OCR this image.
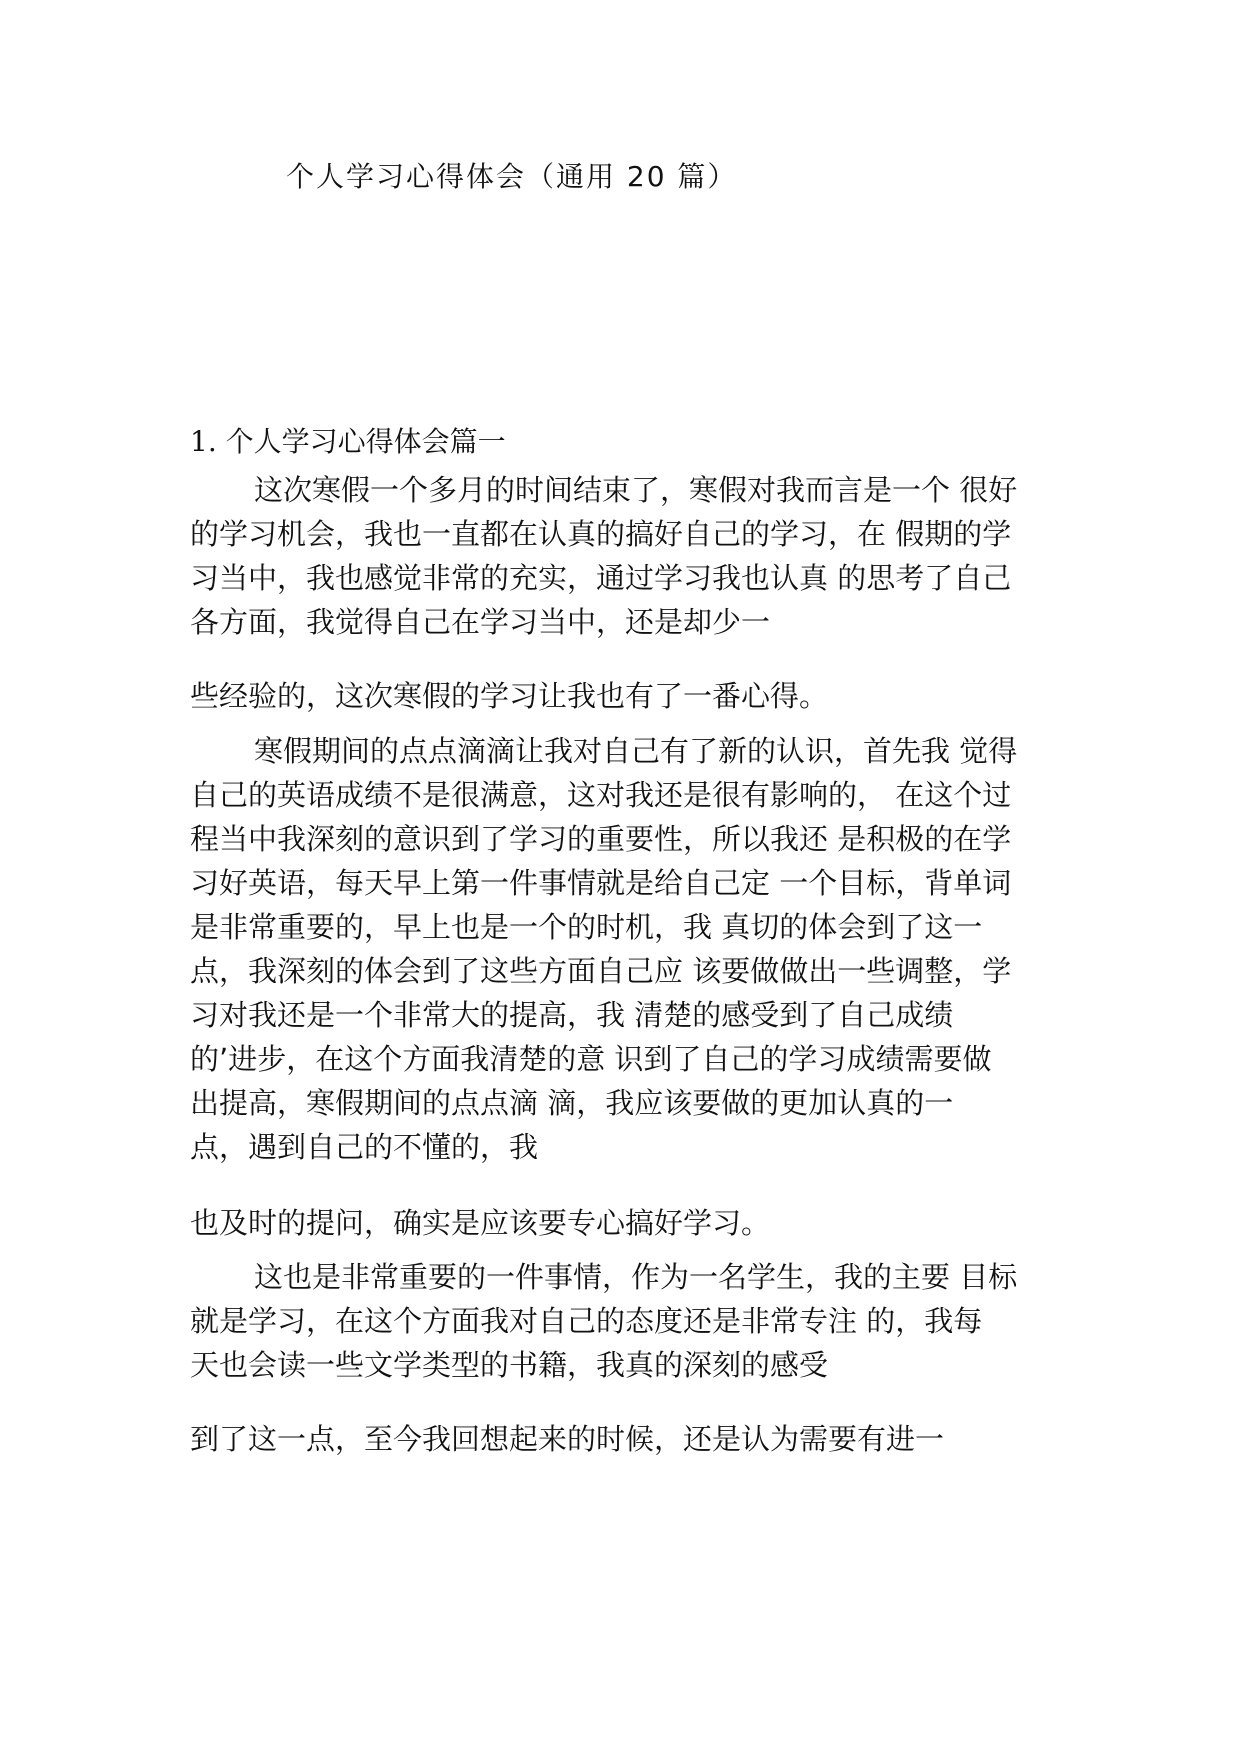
个人学习心得体会（通用 20 篇）
1. 个人学习心得体会篇一
这次寒假一个多月的时间结束了，寒假对我而言是一个 很好
的学习机会，我也一直都在认真的搞好自己的学习，在 假期的学
习当中，我也感觉非常的充实，通过学习我也认真 的思考了自己
各方面，我觉得自己在学习当中，还是却少一
些经验的，这次寒假的学习让我也有了一番心得。
寒假期间的点点滴滴让我对自己有了新的认识，首先我 觉得
自己的英语成绩不是很满意，这对我还是很有影响的， 在这个过
程当中我深刻的意识到了学习的重要性，所以我还 是积极的在学
习好英语，每天早上第一件事情就是给自己定 一个目标，背单词
是非常重要的，早上也是一个的时机，我 真切的体会到了这一
点，我深刻的体会到了这些方面自己应 该要做做出一些调整，学
习对我还是一个非常大的提高，我 清楚的感受到了自己成绩
的’进步，在这个方面我清楚的意 识到了自己的学习成绩需要做
出提高，寒假期间的点点滴 滴，我应该要做的更加认真的一
点，遇到自己的不懂的，我
也及时的提问，确实是应该要专心搞好学习。
这也是非常重要的一件事情，作为一名学生，我的主要 目标
就是学习，在这个方面我对自己的态度还是非常专注 的，我每
天也会读一些文学类型的书籍，我真的深刻的感受
到了这一点，至今我回想起来的时候，还是认为需要有进一
